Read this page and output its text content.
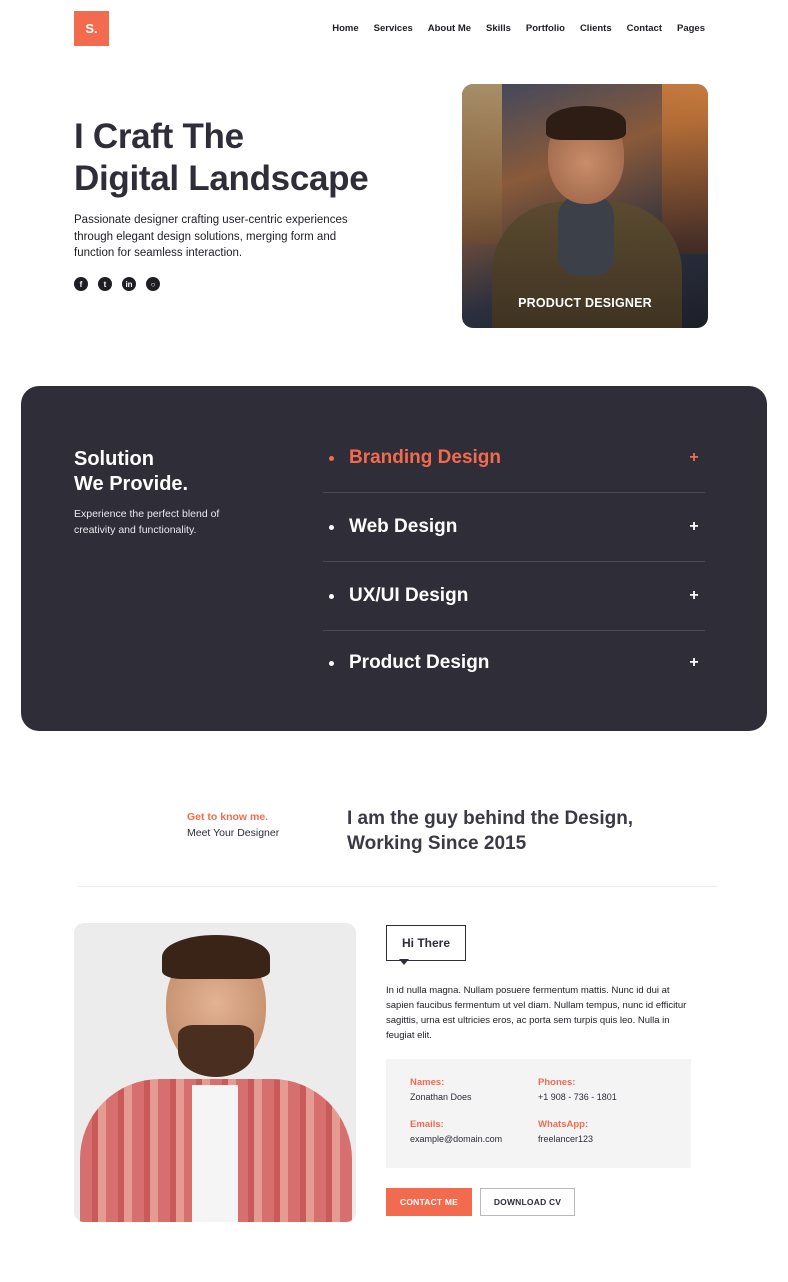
S.	Home Services About Me Skills Portfolio Clients Contact Pages
I Craft The
Digital Landscape

Passionate designer crafting user-centric experiences through elegant design solutions, merging form and function for seamless interaction.

f	t	in	○
PRODUCT DESIGNER
Solution
We Provide.

Experience the perfect blend of creativity and functionality.

Branding Design	+
Web Design	+
UX/UI Design	+
Product Design	+
Get to know me.
Meet Your Designer
I am the guy behind the Design, Working Since 2015
Hi There

In id nulla magna. Nullam posuere fermentum mattis. Nunc id dui at sapien faucibus fermentum ut vel diam. Nullam tempus, nunc id efficitur sagittis, urna est ultricies eros, ac porta sem turpis quis leo. Nulla in feugiat elit.

Names:
Zonathan Does
Phones:
+1 908 - 736 - 1801
Emails:
example@domain.com
WhatsApp:
freelancer123
CONTACT ME	DOWNLOAD CV
